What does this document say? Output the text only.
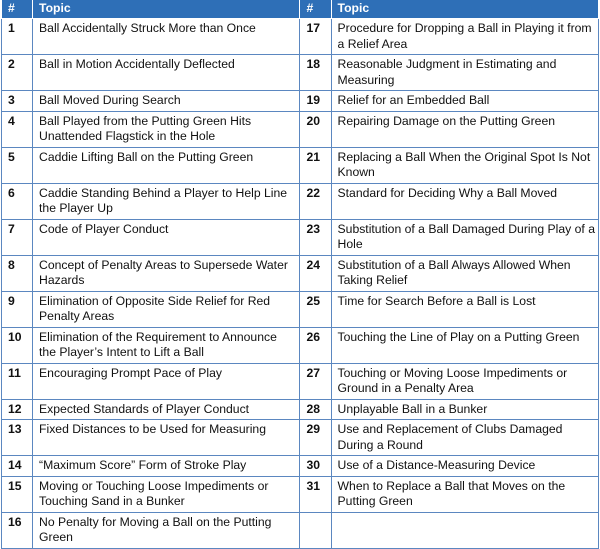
#	Topic	#	Topic
1	Ball Accidentally Struck More than Once	17	Procedure for Dropping a Ball in Playing it from a Relief Area
2	Ball in Motion Accidentally Deflected	18	Reasonable Judgment in Estimating and Measuring
3	Ball Moved During Search	19	Relief for an Embedded Ball
4	Ball Played from the Putting Green Hits Unattended Flagstick in the Hole	20	Repairing Damage on the Putting Green
5	Caddie Lifting Ball on the Putting Green	21	Replacing a Ball When the Original Spot Is Not Known
6	Caddie Standing Behind a Player to Help Line the Player Up	22	Standard for Deciding Why a Ball Moved
7	Code of Player Conduct	23	Substitution of a Ball Damaged During Play of a Hole
8	Concept of Penalty Areas to Supersede Water Hazards	24	Substitution of a Ball Always Allowed When Taking Relief
9	Elimination of Opposite Side Relief for Red Penalty Areas	25	Time for Search Before a Ball is Lost
10	Elimination of the Requirement to Announce the Player’s Intent to Lift a Ball	26	Touching the Line of Play on a Putting Green
11	Encouraging Prompt Pace of Play	27	Touching or Moving Loose Impediments or Ground in a Penalty Area
12	Expected Standards of Player Conduct	28	Unplayable Ball in a Bunker
13	Fixed Distances to be Used for Measuring	29	Use and Replacement of Clubs Damaged During a Round
14	“Maximum Score” Form of Stroke Play	30	Use of a Distance-Measuring Device
15	Moving or Touching Loose Impediments or Touching Sand in a Bunker	31	When to Replace a Ball that Moves on the Putting Green
16	No Penalty for Moving a Ball on the Putting Green		
